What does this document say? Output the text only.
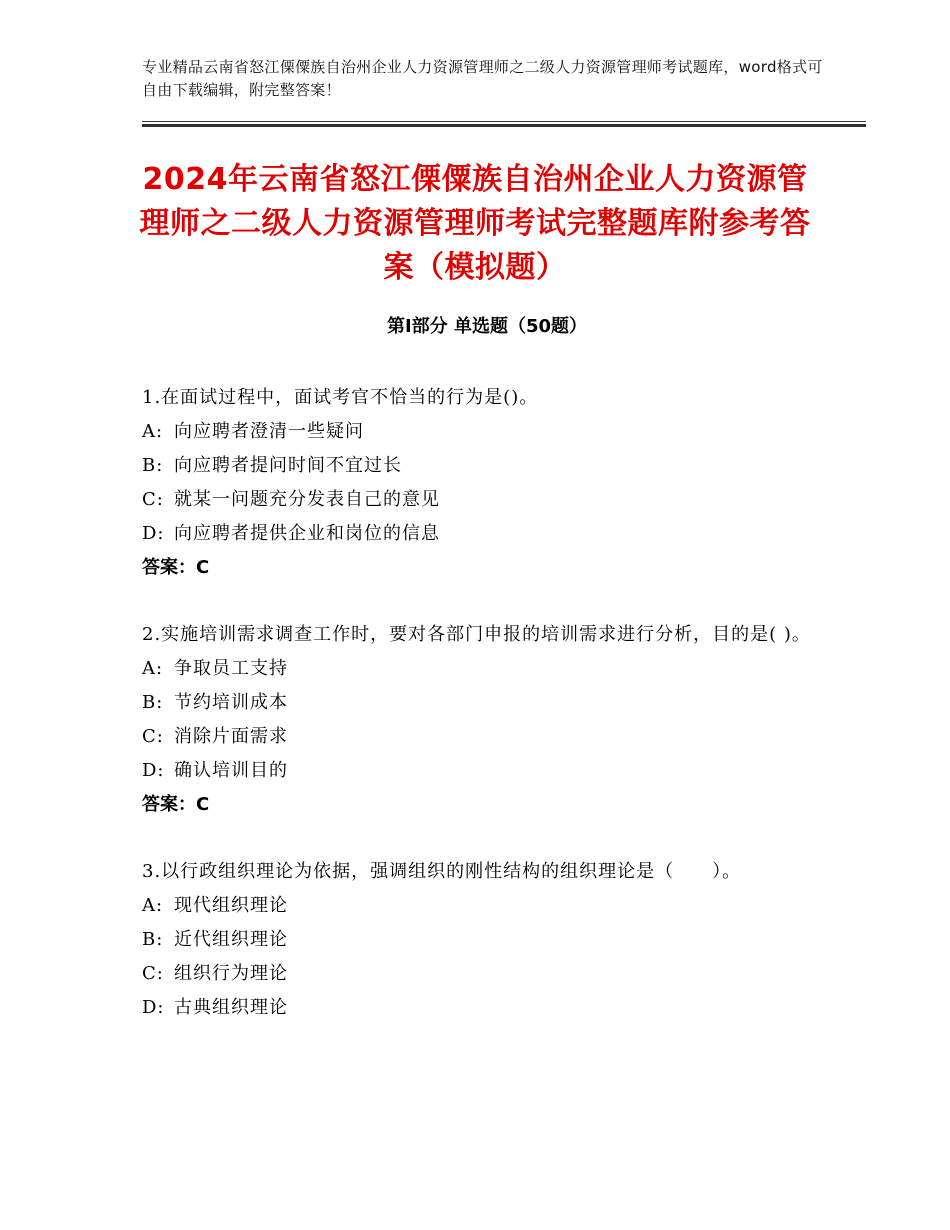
专业精品云南省怒江傈僳族自治州企业人力资源管理师之二级人力资源管理师考试题库，word格式可自由下载编辑，附完整答案！
2024年云南省怒江傈僳族自治州企业人力资源管理师之二级人力资源管理师考试完整题库附参考答案（模拟题）
第I部分 单选题（50题）
1.在面试过程中，面试考官不恰当的行为是()。
A: 向应聘者澄清一些疑问
B: 向应聘者提问时间不宜过长
C: 就某一问题充分发表自己的意见
D: 向应聘者提供企业和岗位的信息
答案：C
2.实施培训需求调查工作时，要对各部门申报的培训需求进行分析，目的是( )。
A: 争取员工支持
B: 节约培训成本
C: 消除片面需求
D: 确认培训目的
答案：C
3.以行政组织理论为依据，强调组织的刚性结构的组织理论是（　　）。
A: 现代组织理论
B: 近代组织理论
C: 组织行为理论
D: 古典组织理论
